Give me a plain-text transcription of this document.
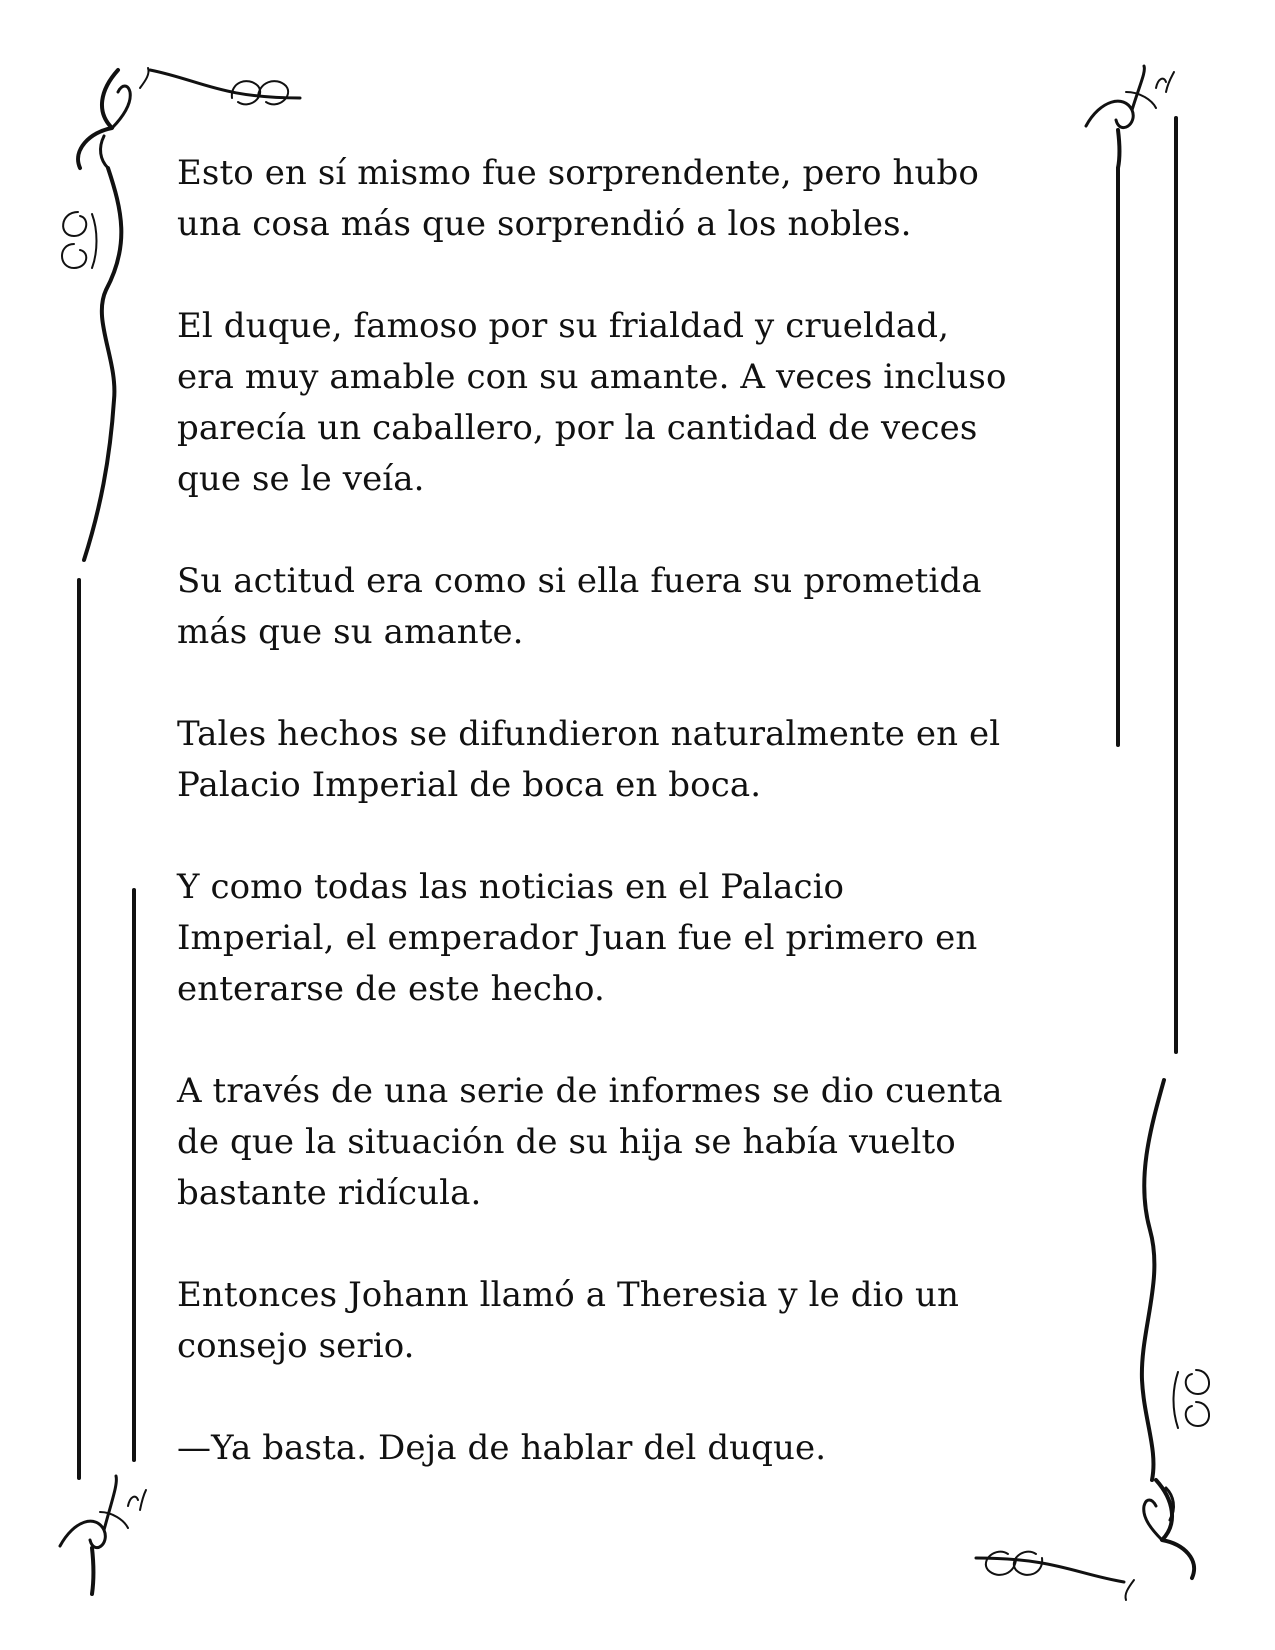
Esto en sí mismo fue sorprendente, pero hubo
una cosa más que sorprendió a los nobles.

El duque, famoso por su frialdad y crueldad,
era muy amable con su amante. A veces incluso
parecía un caballero, por la cantidad de veces
que se le veía.

Su actitud era como si ella fuera su prometida
más que su amante.

Tales hechos se difundieron naturalmente en el
Palacio Imperial de boca en boca.

Y como todas las noticias en el Palacio
Imperial, el emperador Juan fue el primero en
enterarse de este hecho.

A través de una serie de informes se dio cuenta
de que la situación de su hija se había vuelto
bastante ridícula.

Entonces Johann llamó a Theresia y le dio un
consejo serio.

—Ya basta. Deja de hablar del duque.
